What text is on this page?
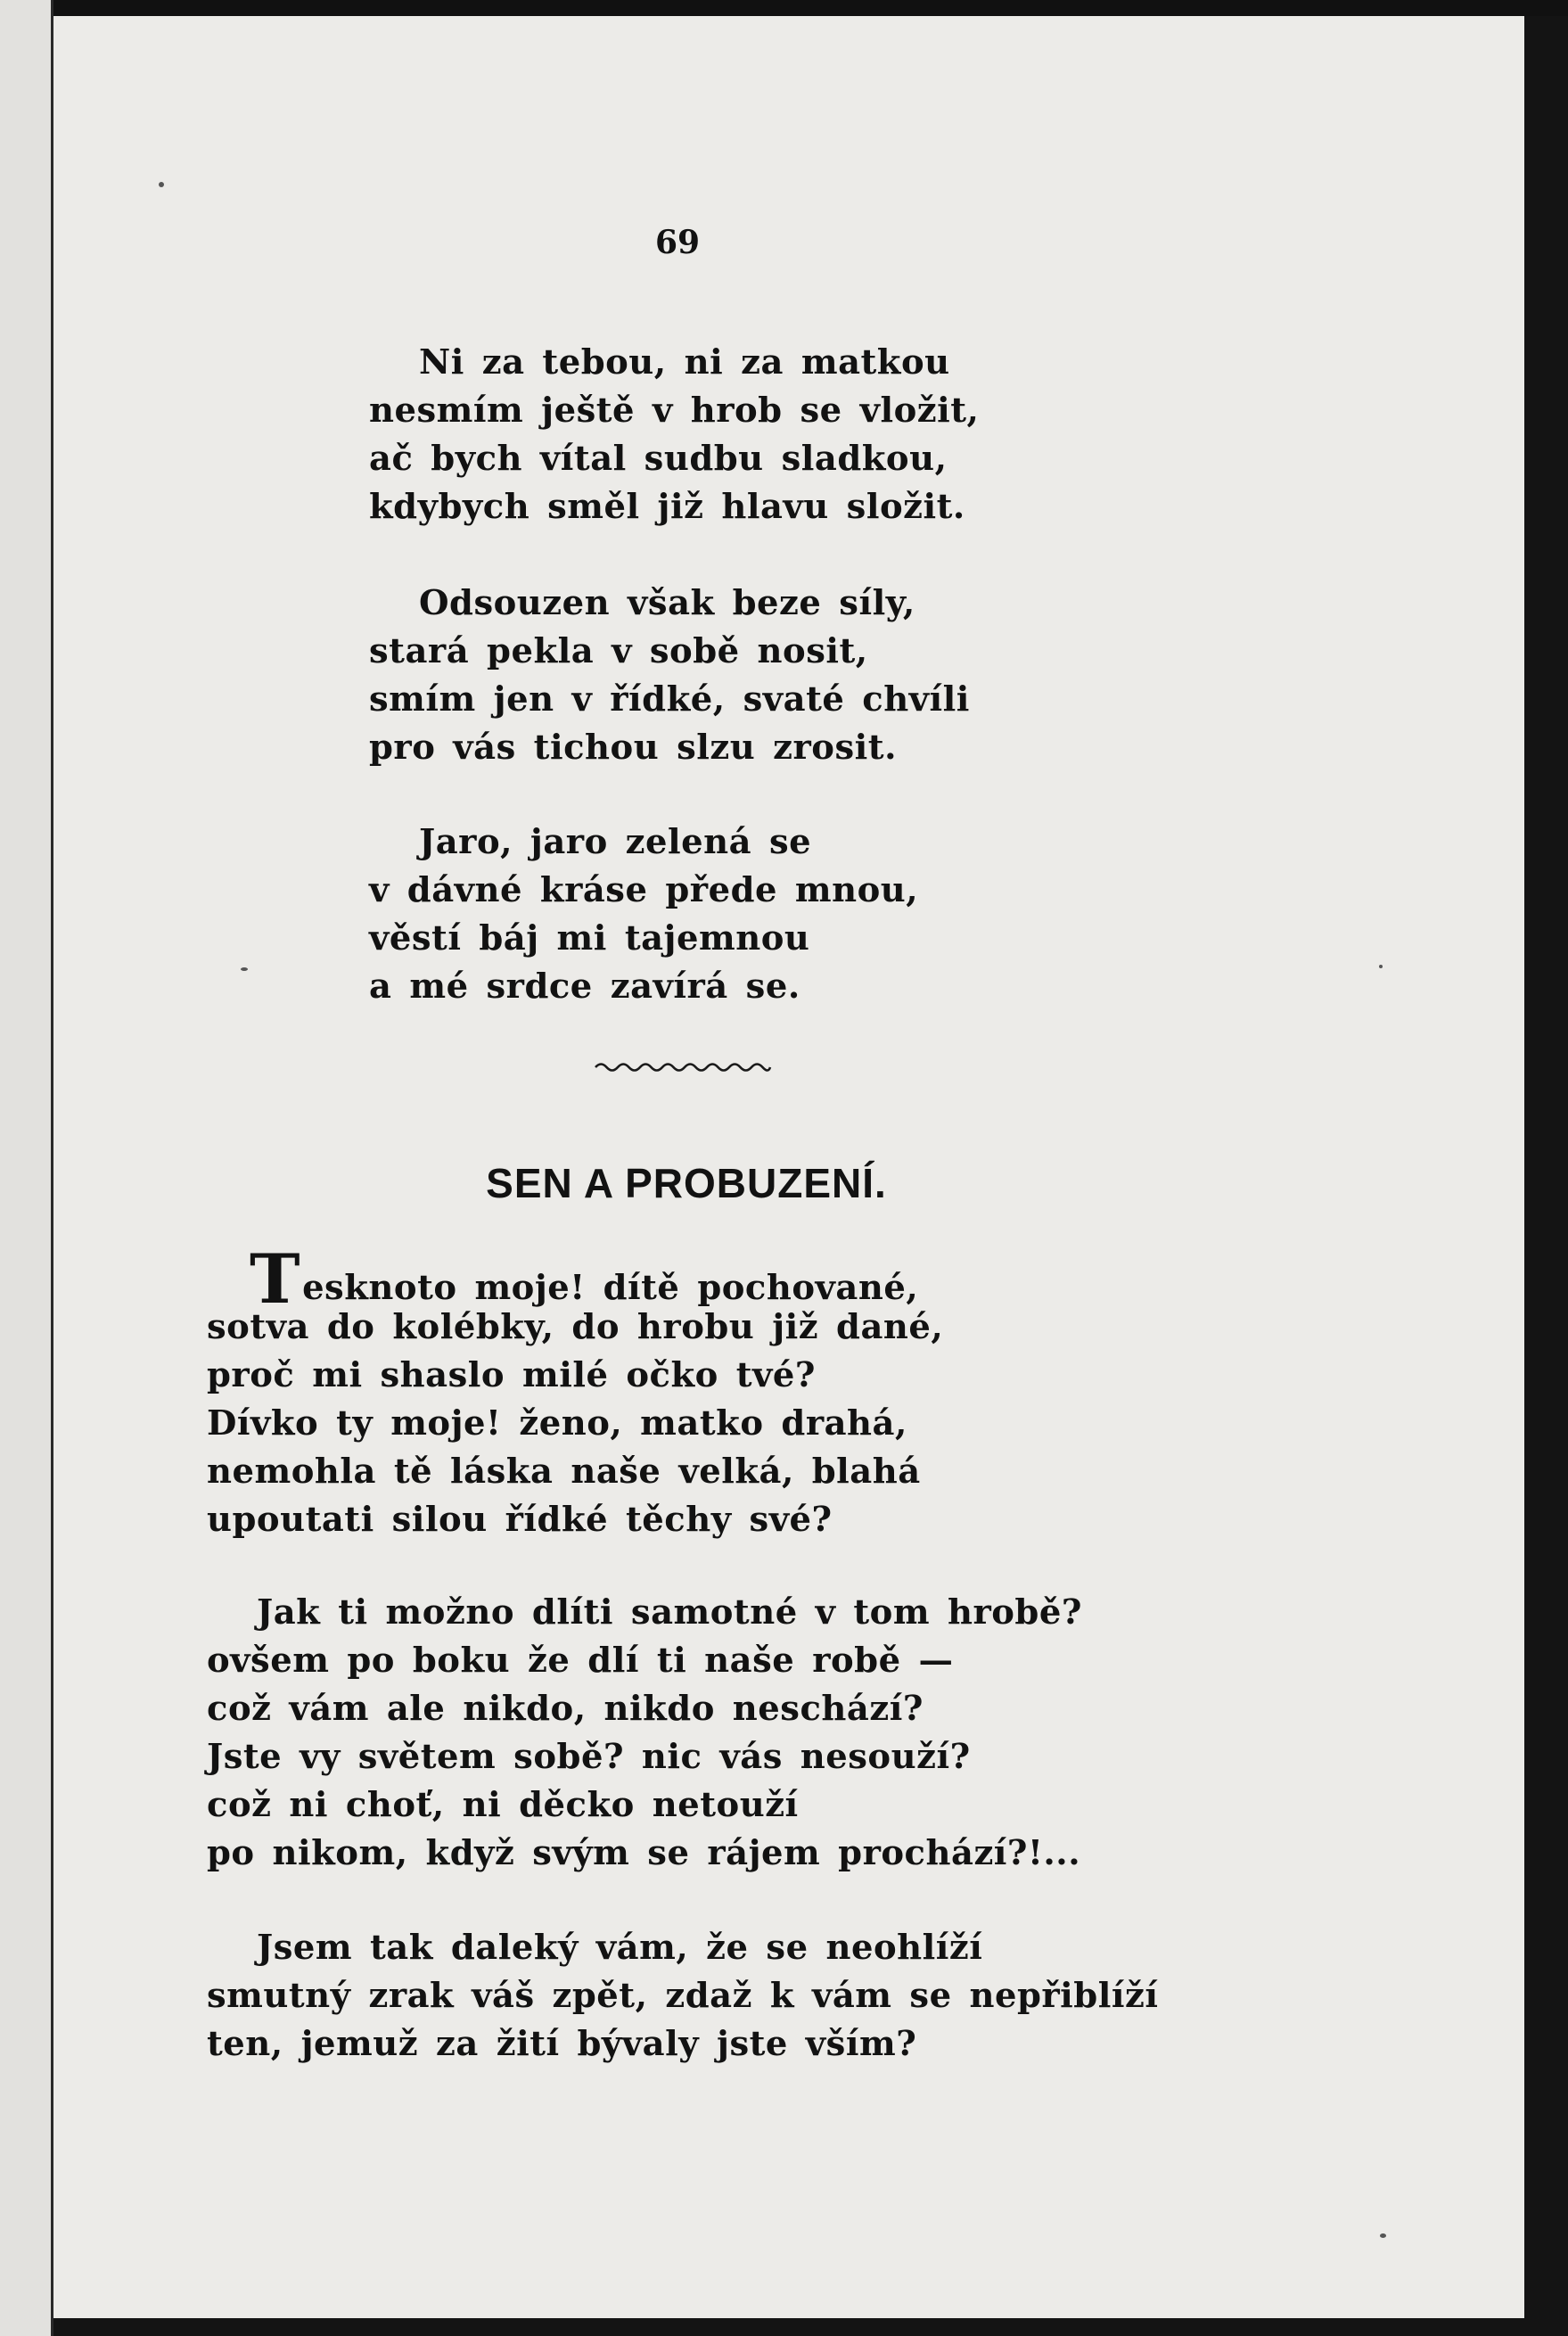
69
Ni za tebou, ni za matkou
nesmím ještě v hrob se vložit,
ač bych vítal sudbu sladkou,
kdybych směl již hlavu složit.
Odsouzen však beze síly,
stará pekla v sobě nosit,
smím jen v řídké, svaté chvíli
pro vás tichou slzu zrosit.
Jaro, jaro zelená se
v dávné kráse přede mnou,
věstí báj mi tajemnou
a mé srdce zavírá se.
SEN A PROBUZENÍ.
Tesknoto moje! dítě pochované,
sotva do kolébky, do hrobu již dané,
proč mi shaslo milé očko tvé?
Dívko ty moje! ženo, matko drahá,
nemohla tě láska naše velká, blahá
upoutati silou řídké těchy své?
Jak ti možno dlíti samotné v tom hrobě?
ovšem po boku že dlí ti naše robě —
což vám ale nikdo, nikdo neschází?
Jste vy světem sobě? nic vás nesouží?
což ni choť, ni děcko netouží
po nikom, když svým se rájem prochází?!...
Jsem tak daleký vám, že se neohlíží
smutný zrak váš zpět, zdaž k vám se nepřiblíží
ten, jemuž za žití bývaly jste vším?
